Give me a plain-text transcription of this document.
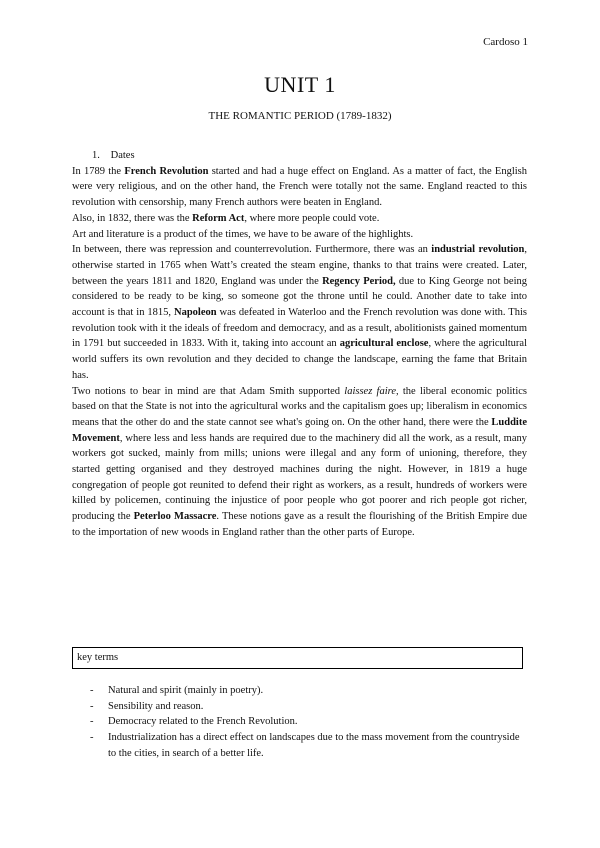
Cardoso 1
UNIT 1
THE ROMANTIC PERIOD (1789-1832)

1. Dates

In 1789 the French Revolution started and had a huge effect on England. As a matter of fact, the English were very religious, and on the other hand, the French were totally not the same. England reacted to this revolution with censorship, many French authors were beaten in England.

Also, in 1832, there was the Reform Act, where more people could vote.

Art and literature is a product of the times, we have to be aware of the highlights.

In between, there was repression and counterrevolution. Furthermore, there was an industrial revolution, otherwise started in 1765 when Watt’s created the steam engine, thanks to that trains were created. Later, between the years 1811 and 1820, England was under the Regency Period, due to King George not being considered to be ready to be king, so someone got the throne until he could. Another date to take into account is that in 1815, Napoleon was defeated in Waterloo and the French revolution was done with. This revolution took with it the ideals of freedom and democracy, and as a result, abolitionists gained momentum in 1791 but succeeded in 1833. With it, taking into account an agricultural enclose, where the agricultural world suffers its own revolution and they decided to change the landscape, earning the fame that Britain has.

Two notions to bear in mind are that Adam Smith supported laissez faire, the liberal economic politics based on that the State is not into the agricultural works and the capitalism goes up; liberalism in economics means that the other do and the state cannot see what's going on. On the other hand, there were the Luddite Movement, where less and less hands are required due to the machinery did all the work, as a result, many workers got sucked, mainly from mills; unions were illegal and any form of unioning, therefore, they started getting organised and they destroyed machines during the night. However, in 1819 a huge congregation of people got reunited to defend their right as workers, as a result, hundreds of workers were killed by policemen, continuing the injustice of poor people who got poorer and rich people got richer, producing the Peterloo Massacre. These notions gave as a result the flourishing of the British Empire due to the importation of new woods in England rather than the other parts of Europe.

key terms
- Natural and spirit (mainly in poetry).
- Sensibility and reason.
- Democracy related to the French Revolution.
- Industrialization has a direct effect on landscapes due to the mass movement from the countryside to the cities, in search of a better life.
